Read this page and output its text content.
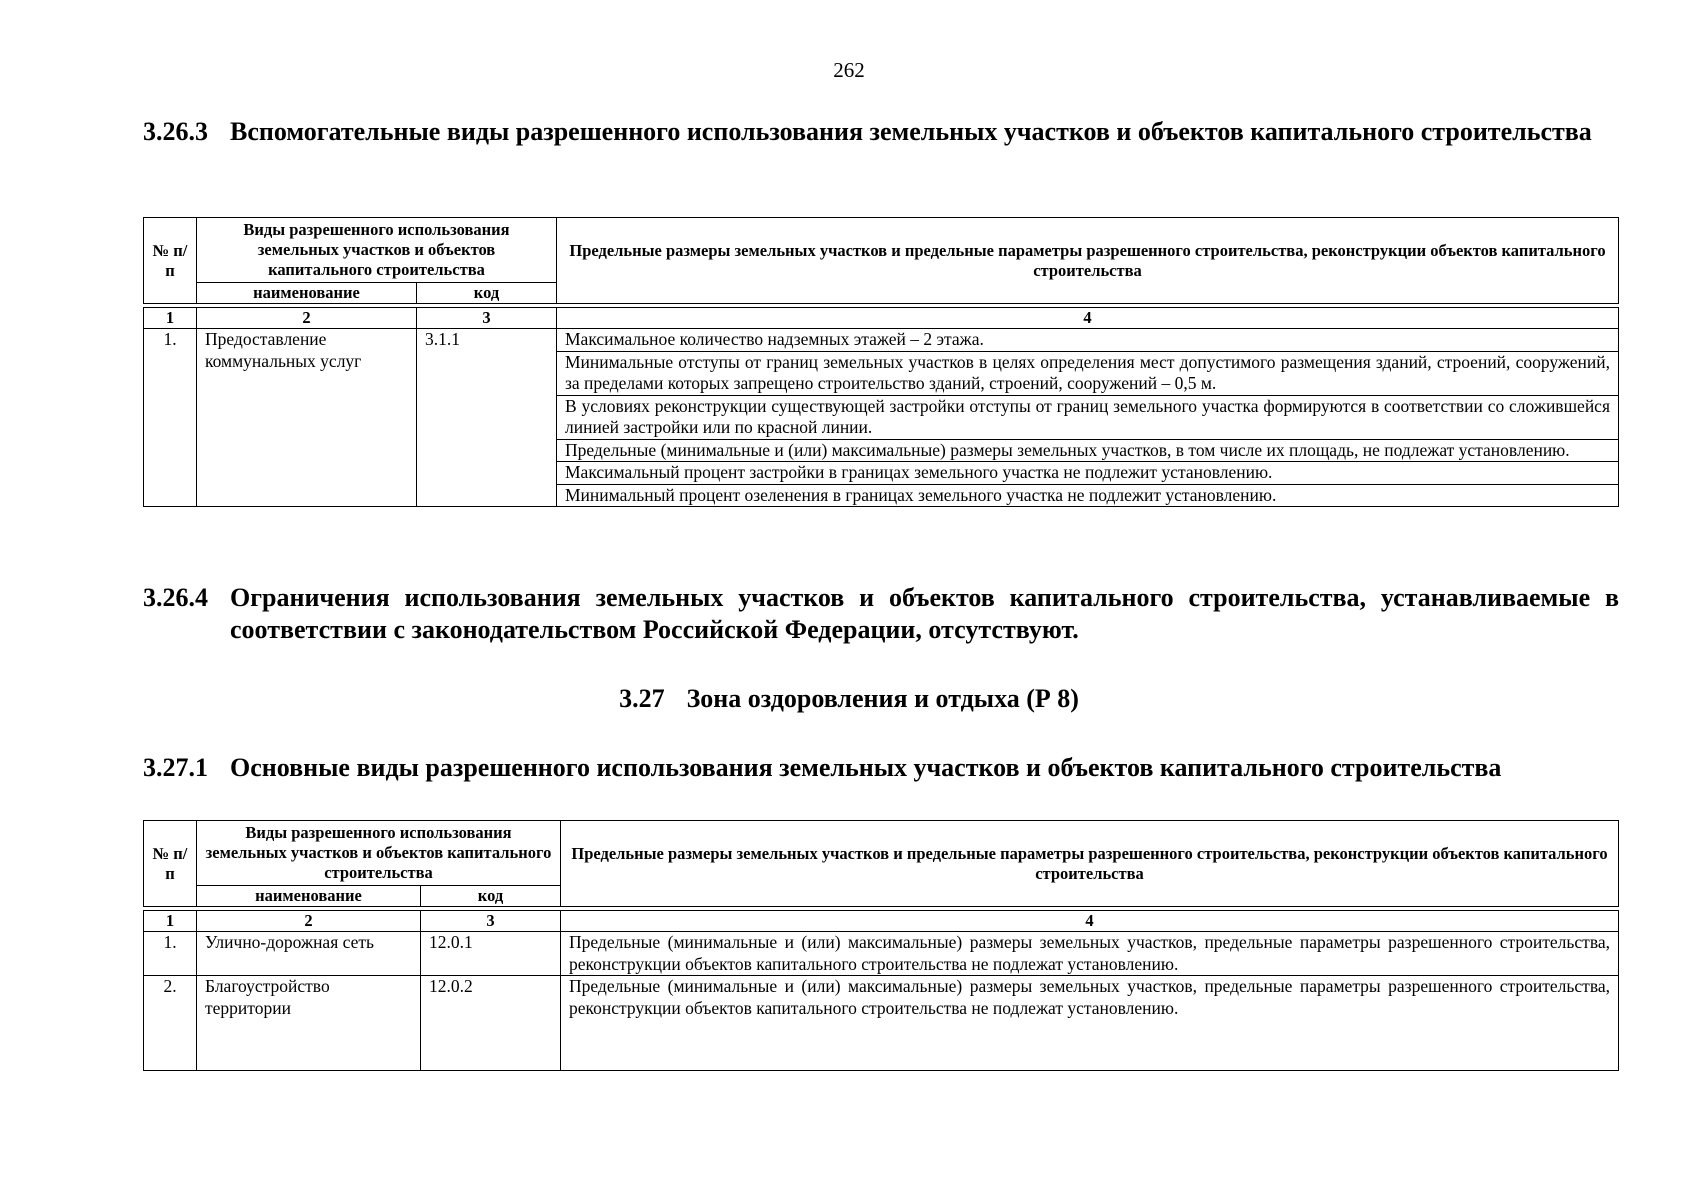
262
3.26.3 Вспомогательные виды разрешенного использования земельных участков и объектов капитального строительства
№ п/п	Виды разрешенного использования земельных участков и объектов капитального строительства		Предельные размеры земельных участков и предельные параметры разрешенного строительства, реконструкции объектов капитального строительства
	наименование	код	

1	2	3	4
1.	Предоставление коммунальных услуг	3.1.1	Максимальное количество надземных этажей – 2 этажа.
			Минимальные отступы от границ земельных участков в целях определения мест допустимого размещения зданий, строений, сооружений, за пределами которых запрещено строительство зданий, строений, сооружений – 0,5 м.
			В условиях реконструкции существующей застройки отступы от границ земельного участка формируются в соответствии со сложившейся линией застройки или по красной линии.
			Предельные (минимальные и (или) максимальные) размеры земельных участков, в том числе их площадь, не подлежат установлению.
			Максимальный процент застройки в границах земельного участка не подлежит установлению.
			Минимальный процент озеленения в границах земельного участка не подлежит установлению.
3.26.4 Ограничения использования земельных участков и объектов капитального строительства, устанавливаемые в соответствии с законодательством Российской Федерации, отсутствуют.
3.27 Зона оздоровления и отдыха (Р 8)
3.27.1 Основные виды разрешенного использования земельных участков и объектов капитального строительства
№ п/п	Виды разрешенного использования земельных участков и объектов капитального строительства		Предельные размеры земельных участков и предельные параметры разрешенного строительства, реконструкции объектов капитального строительства
	наименование	код	

1	2	3	4
1.	Улично-дорожная сеть	12.0.1	Предельные (минимальные и (или) максимальные) размеры земельных участков, предельные параметры разрешенного строительства, реконструкции объектов капитального строительства не подлежат установлению.
2.	Благоустройство территории	12.0.2	Предельные (минимальные и (или) максимальные) размеры земельных участков, предельные параметры разрешенного строительства, реконструкции объектов капитального строительства не подлежат установлению.
